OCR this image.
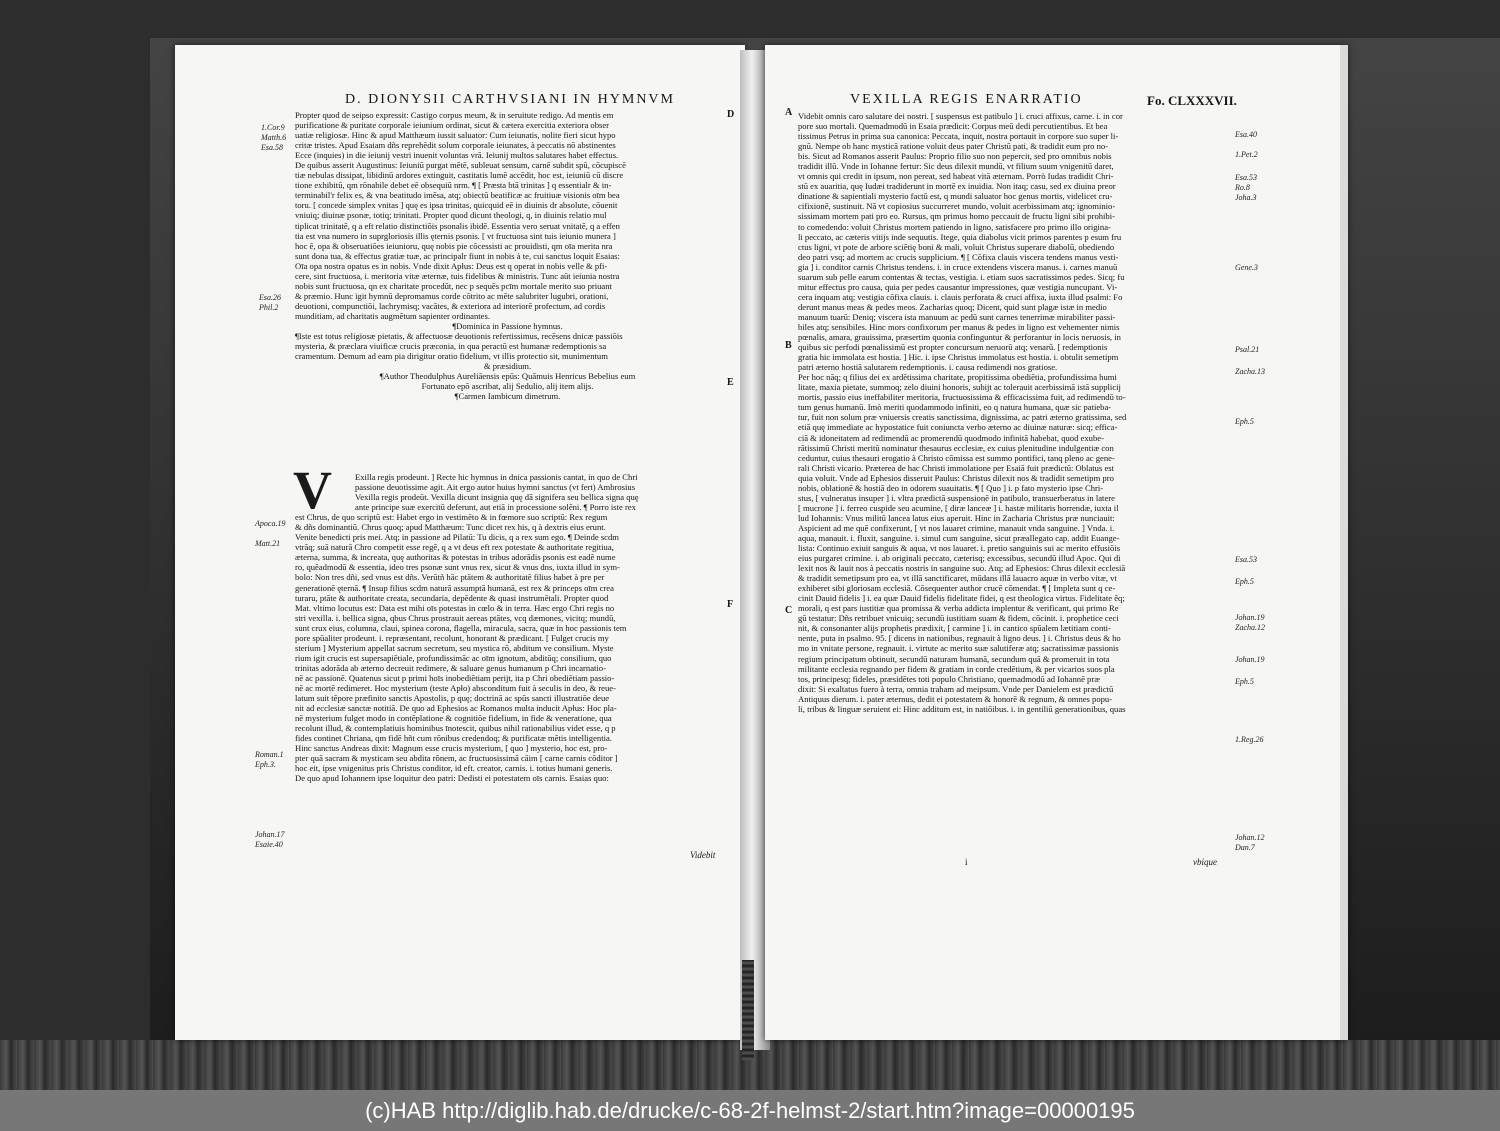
D. DIONYSII CARTHVSIANI IN HYMNVM
D
E
F
1.Cor.9
Matth.6
Esa.58
Esa.26
Phil.2
Apoca.19
Matt.21
Roman.1
Eph.3.
Johan.17
Esaie.40
Propter quod de seipso expressit: Castigo corpus meum, & in seruitute redigo. Ad mentis em
purificatione & puritate corporale ieiunium ordinat, sicut & cætera exercitia exteriora obser
uatiæ religiosæ. Hinc & apud Matthæum iussit saluator: Cum ieiunatis, nolite fieri sicut hypo
critæ tristes. Apud Esaiam dñs reprehēdit solum corporale ieiunates, à peccatis nō abstinentes
Ecce (inquies) in die ieiunij vestri inuenit voluntas vrā. Ieiunij multos salutares habet effectus.
De quibus asserit Augustinus: Ieiuniū purgat mētē, subleuat sensum, carnē subdit spū, cōcupiscē
tiæ nebulas dissipat, libidinū ardores extinguit, castitatis lumē accēdit, hoc est, ieiuniū cū discre
tione exhibitū, qm rōnabile debet eē obsequiū nrm. ¶ [ Præsta btā trinitas ] q essentialr & in-
terminabil'r felix es, & vna beatitudo imēsa, atq; obiectū beatificæ ac fruitiuæ visionis oīm bea
toru. [ concede simplex vnitas ] quę es ipsa trinitas, quicquid eē in diuinis dr absolute, cōuenit
vniuiq; diuinæ psonæ, totiq; trinitati. Propter quod dicunt theologi, q, in diuinis relatio mul
tiplicat trinitatē, q a eft relatio distinctiōis psonalis ibidē. Essentia vero seruat vnitatē, q a effen
tia est vna numero in suprgloriosis illis ęternis psonis. [ vt fructuosa sint tuis ieiunio munera ]
hoc ē, opa & obseruatiōes ieiunioru, quę nobis pie cōcessisti ac prouidisti, qm oīa merita nra
sunt dona tua, & effectus gratiæ tuæ, ac principalr fiunt in nobis à te, cui sanctus loquit Esaias:
Oīa opa nostra opatus es in nobis. Vnde dixit Apłus: Deus est q operat in nobis velle & pfi-
cere, sint fructuosa, i. meritoria vitæ æternæ, tuis fidelibus & ministris. Tunc aūt ieiunia nostra
nobis sunt fructuosa, qn ex charitate procedūt, nec p sequēs pcīm mortale merito suo priuant
& præmio. Hunc igit hymnū depromamus corde cōtrito ac mēte salubriter lugubri, orationi,
deuotioni, compunctiōi, lachrymisq; vacātes, & exteriora ad interiorē profectum, ad cordis
munditiam, ad charitatis augmētum sapienter ordinantes.
¶Dominica in Passione hymnus.
¶Iste est totus religiosæ pietatis, & affectuosæ deuotionis refertissimus, recēsens dnicæ passiōis
mysteria, & præclara viuificæ crucis præconia, in qua peractū est humanæ redemptionis sa
cramentum. Demum ad eam pia dirigitur oratio fidelium, vt illis protectio sit, munimentum
& præsidium.
¶Author Theodulphus Aureliāensis epūs: Quāmuis Henricus Bebelius eum
Fortunato epō ascribat, alij Sedulio, alij item alijs.
¶Carmen Iambicum dimetrum.
V	Exilla regis prodeunt. ] Recte hic hymnus in dnica passionis cantat, in quo de Chri
passione deuotissime agit. Ait ergo autor huius hymni sanctus (vt fert) Ambrosius
Vexilla regis prodeūt. Vexilla dicunt insignia quę dā signifera seu bellica signa quę
ante principe suæ exercitū deferunt, aut etiā in processione solēni. ¶ Porro iste rex
est Chrus, de quo scriptū est: Habet ergo in vestimēto & in fœmore suo scriptū: Rex regum
& dñs dominantiū. Chrus quoq; apud Matthæum: Tunc dicet rex his, q à dextris eius erunt.
Venite benedicti pris mei. Atq; in passione ad Pilatū: Tu dicis, q a rex sum ego. ¶ Deinde scdm
vtrāq; suā naturā Chro competit esse regē, q a vt deus eft rex potestate & authoritate regitiua,
æterna, summa, & increata, quę authoritas & potestas in tribus adorādis psonis est eadē nume
ro, quēadmodū & essentia, ideo tres psonæ sunt vnus rex, sicut & vnus dns, iuxta illud in sym-
bolo: Non tres dñi, sed vnus est dñs. Verūtñ hāc ptātem & authoritatē filius habet à pre per
generationē ęternā. ¶ Insup filius scdm naturā assumptā humanā, est rex & princeps oīm crea
turaru, ptāte & authoritate creata, secundaria, depēdente & quasi instrumētali. Propter quod
Mat. vltimo locutus est: Data est mihi oīs potestas in cœlo & in terra. Hæc ergo Chri regis no
stri vexilla. i. bellica signa, qbus Chrus prostrauit aereas ptātes, vcq dæmones, vicitq; mundū,
sunt crux eius, columna, claui, spinea corona, flagella, miracula, sacra, quæ in hoc passionis tem
pore spūaliter prodeunt. i. repræsentant, recolunt, honorant & prædicant. [ Fulget crucis my
sterium ] Mysterium appellat sacrum secretum, seu mystica rō, abditum ve consilium. Myste
rium igit crucis est supersapiētiale, profundissimāc ac oīm ignotum, abditūq; consilium, quo
trinitas adorāda ab æterno decreuit redimere, & saluare genus humanum p Chri incarnatio-
nē ac passionē. Quatenus sicut p primi hoīs inobediētiam perijt, ita p Chri obediētiam passio-
nē ac mortē redimeret. Hoc mysterium (teste Apło) absconditum fuit à seculis in deo, & reue-
latum suit tēpore præfinito sanctis Apostolis, p quę; doctrinā ac spūs sancti illustratiōe deue
nit ad ecclesiæ sanctæ notitiā. De quo ad Ephesios ac Romanos multa inducit Apłus: Hoc pla-
nē mysterium fulget modo in contēplatione & cognitiōe fidelium, in fide & veneratione, qua
recolunt illud, & contemplatiuis hominibus īnotescit, quibus nihil rationabilius videt esse, q p
fides continet Chriana, qm fidē hñt cum rōnibus credendoq; & purificatæ mētis intelligentia.
Hinc sanctus Andreas dixit: Magnum esse crucis mysterium, [ quo ] mysterio, hoc est, pro-
pter quā sacram & mysticam seu abdita rōnem, ac fructuosissimā cāim [ carne carnis cōditor ]
hoc eit, ipse vnigenitus pris Christus conditor, id eft. creator, carnis. i. totius humani generis.
De quo apud Iohannem ipse loquitur deo patri: Dedisti ei potestatem oīs carnis. Esaias quo:
Videbit
VEXILLA REGIS ENARRATIO	Fo. CLXXXVII.
A
B
C
Esa.40
1.Pet.2
Esa.53
Ro.8
Joha.3
Gene.3
Psal.21
Zacha.13
Eph.5
Esa.53
Eph.5
Johan.19
Zacha.12
Johan.19
Eph.5
1.Reg.26
Johan.12
Dan.7
Videbit omnis caro salutare dei nostri. [ suspensus est patibulo ] i. cruci affixus, carne. i. in cor
pore suo mortali. Quemadmodū in Esaia prædicit: Corpus meū dedi percutientibus. Et bea
tissimus Petrus in prima sua canonica: Peccata, inquit, nostra portauit in corpore suo super li-
gnū. Nempe ob hanc mysticā ratione voluit deus pater Christū pati, & tradidit eum pro no-
bis. Sicut ad Romanos asserit Paulus: Proprio filio suo non pepercit, sed pro omnibus nobis
tradidit illū. Vnde in Iohanne fertur: Sic deus dilexit mundū, vt filium suum vnigenitū daret,
vt omnis qui credit in ipsum, non pereat, sed habeat vitā æternam. Porrò Iudas tradidit Chri-
stū ex auaritia, quę Iudæi tradiderunt in mortē ex inuidia. Non itaq; casu, sed ex diuina preor
dinatione & sapientiali mysterio factū est, q mundi saluator hoc genus mortis, videlicet cru-
cifixionē, sustinuit. Nā vt copiosius succurreret mundo, voluit acerbissimam atq; ignominio-
sissimam mortem pati pro eo. Rursus, qm primus homo peccauit de fructu ligni sibi prohibi-
to comedendo: voluit Christus mortem patiendo in ligno, satisfacere pro primo illo origina-
li peccato, ac cæteris vitijs inde sequutis. Itege, quia diabolus vicit primos parentes p esum fru
ctus ligni, vt pote de arbore sciētię boni & mali, voluit Christus superare diabolū, obediendo
deo patri vsq; ad mortem ac crucis supplicium. ¶ [ Cōfixa clauis viscera tendens manus vesti-
gia ] i. conditor carnis Christus tendens. i. in cruce extendens viscera manus. i. carnes manuū
suarum sub pelle earum contentas & tectas, vestigia. i. etiam suos sacratissimos pedes. Sicq; fu
mitur effectus pro causa, quia per pedes causantur impressiones, quæ vestigia nuncupant. Vi-
cera inquam atq; vestigia cōfixa clauis. i. clauis perforata & cruci affixa, iuxta illud psalmi: Fo
derunt manus meas & pedes meos. Zacharias quoq; Dicent, quid sunt plagæ istæ in medio
manuum tuarū: Deniq; viscera ista manuum ac pedū sunt carnes tenerrimæ mirabiliter passi-
biles atq; sensibiles. Hinc mors confixorum per manus & pedes in ligno est vehementer nimis
pœnalis, amara, grauissima, præsertim quonia confinguntur & perforantur in locis neruosis, in
quibus sic perfodi pœnalissimū est propter concursum neruorū atq; venarū. [ redemptionis
gratia hic immolata est hostia. ] Hic. i. ipse Christus immolatus est hostia. i. obtulit semetipm
patri æterno hostiā salutarem redemptionis. i. causa redimendi nos gratiose.
Per hoc nāq; q filius dei ex ardētissima charitate, propitissima obediētia, profundissima humi
litate, maxia pietate, summoq; zelo diuini honoris, subijt ac tolerauit acerbissimā istā supplicij
mortis, passio eius ineffabiliter meritoria, fructuosissima & efficacissima fuit, ad redimendū to-
tum genus humanū. Imò meriti quodammodo infiniti, eo q natura humana, quæ sic patieba-
tur, fuit non solum præ vniuersis creatis sanctissima, dignissima, ac patri æterno gratissima, sed
etiā quę immediate ac hypostatice fuit coniuncta verbo æterno ac diuinæ naturæ: sicq; effica-
ciā & idoneitatem ad redimendū ac promerendū quodmodo infinitā habebat, quod exube-
rātissimū Christi meritū nominatur thesaurus ecclesiæ, ex cuius plenitudine indulgentiæ con
ceduntur, cuius thesauri erogatio à Christo cōmissa est summo pontifici, tanq pleno ac gene-
rali Christi vicario. Præterea de hac Christi immolatione per Esaiā fuit prædictū: Oblatus est
quia voluit. Vnde ad Ephesios disseruit Paulus: Christus dilexit nos & tradidit semetipm pro
nobis, oblationē & hostiā deo in odorem suauitatis. ¶ [ Quo ] i. p fato mysterio ipse Chri-
stus, [ vulneratus insuper ] i. vltra prædictā suspensionē in patibulo, transuerberatus in latere
[ mucrone ] i. ferreo cuspide seu acumine, [ diræ lanceæ ] i. hastæ militaris horrendæ, iuxta il
lud Iohannis: Vnus militū lancea latus eius aperuit. Hinc in Zacharia Christus præ nunciauit:
Aspicient ad me quē confixerunt, [ vt nos lauaret crimine, manauit vnda sanguine. ] Vnda. i.
aqua, manauit. i. fluxit, sanguine. i. simul cum sanguine, sicut præallegato cap. addit Euange-
lista: Continuo exiuit sanguis & aqua, vt nos lauaret. i. pretio sanguinis sui ac merito effusiōis
eius purgaret crimine. i. ab originali peccato, cæterisq; excessibus, secundū illud Apoc. Qui di
lexit nos & lauit nos à peccatis nostris in sanguine suo. Atq; ad Ephesios: Chrus dilexit ecclesiā
& tradidit semetipsum pro ea, vt illā sanctificaret, mūdans illā lauacro aquæ in verbo vitæ, vt
exhiberet sibi gloriosam ecclesiā. Cōsequenter author crucē cōmendat. ¶ [ Impleta sunt q ce-
cinit Dauid fidelis ] i. ea quæ Dauid fidelis fidelitate fidei, q est theologica virtus. Fidelitate êq;
morali, q est pars iustitiæ qua promissa & verba addicta implentur & verificant, qui primo Re
gū testatur: Dñs retribuet vnicuiq; secundū iustitiam suam & fidem, cōcinit. i. prophetice ceci
nit, & consonanter alijs prophetis prædixit, [ carmine ] i. in cantico spūalem lætitiam conti-
nente, puta in psalmo. 95. [ dicens in nationibus, regnauit à ligno deus. ] i. Christus deus & ho
mo in vnitate persone, regnauit. i. virtute ac merito suæ salutiferæ atq; sacratissimæ passionis
regium principatum obtinuit, secundū naturam humanā, secundum quā & promeruit in tota
militante ecclesia regnando per fidem & gratiam in corde credētium, & per vicarios suos pla
tos, principesq; fideles, præsidētes toti populo Christiano, quemadmodū ad Iohannē præ
dixit: Si exaltatus fuero à terra, omnia traham ad meipsum. Vnde per Danielem est prædictū
Antiquus dierum. i. pater æternus, dedit ei potestatem & honorē & regnum, & omnes popu-
li, tribus & linguæ seruient ei: Hinc additum est, in natiōibus. i. in gentiliū generationibus, quas
i	vbique
(c)HAB http://diglib.hab.de/drucke/c-68-2f-helmst-2/start.htm?image=00000195
